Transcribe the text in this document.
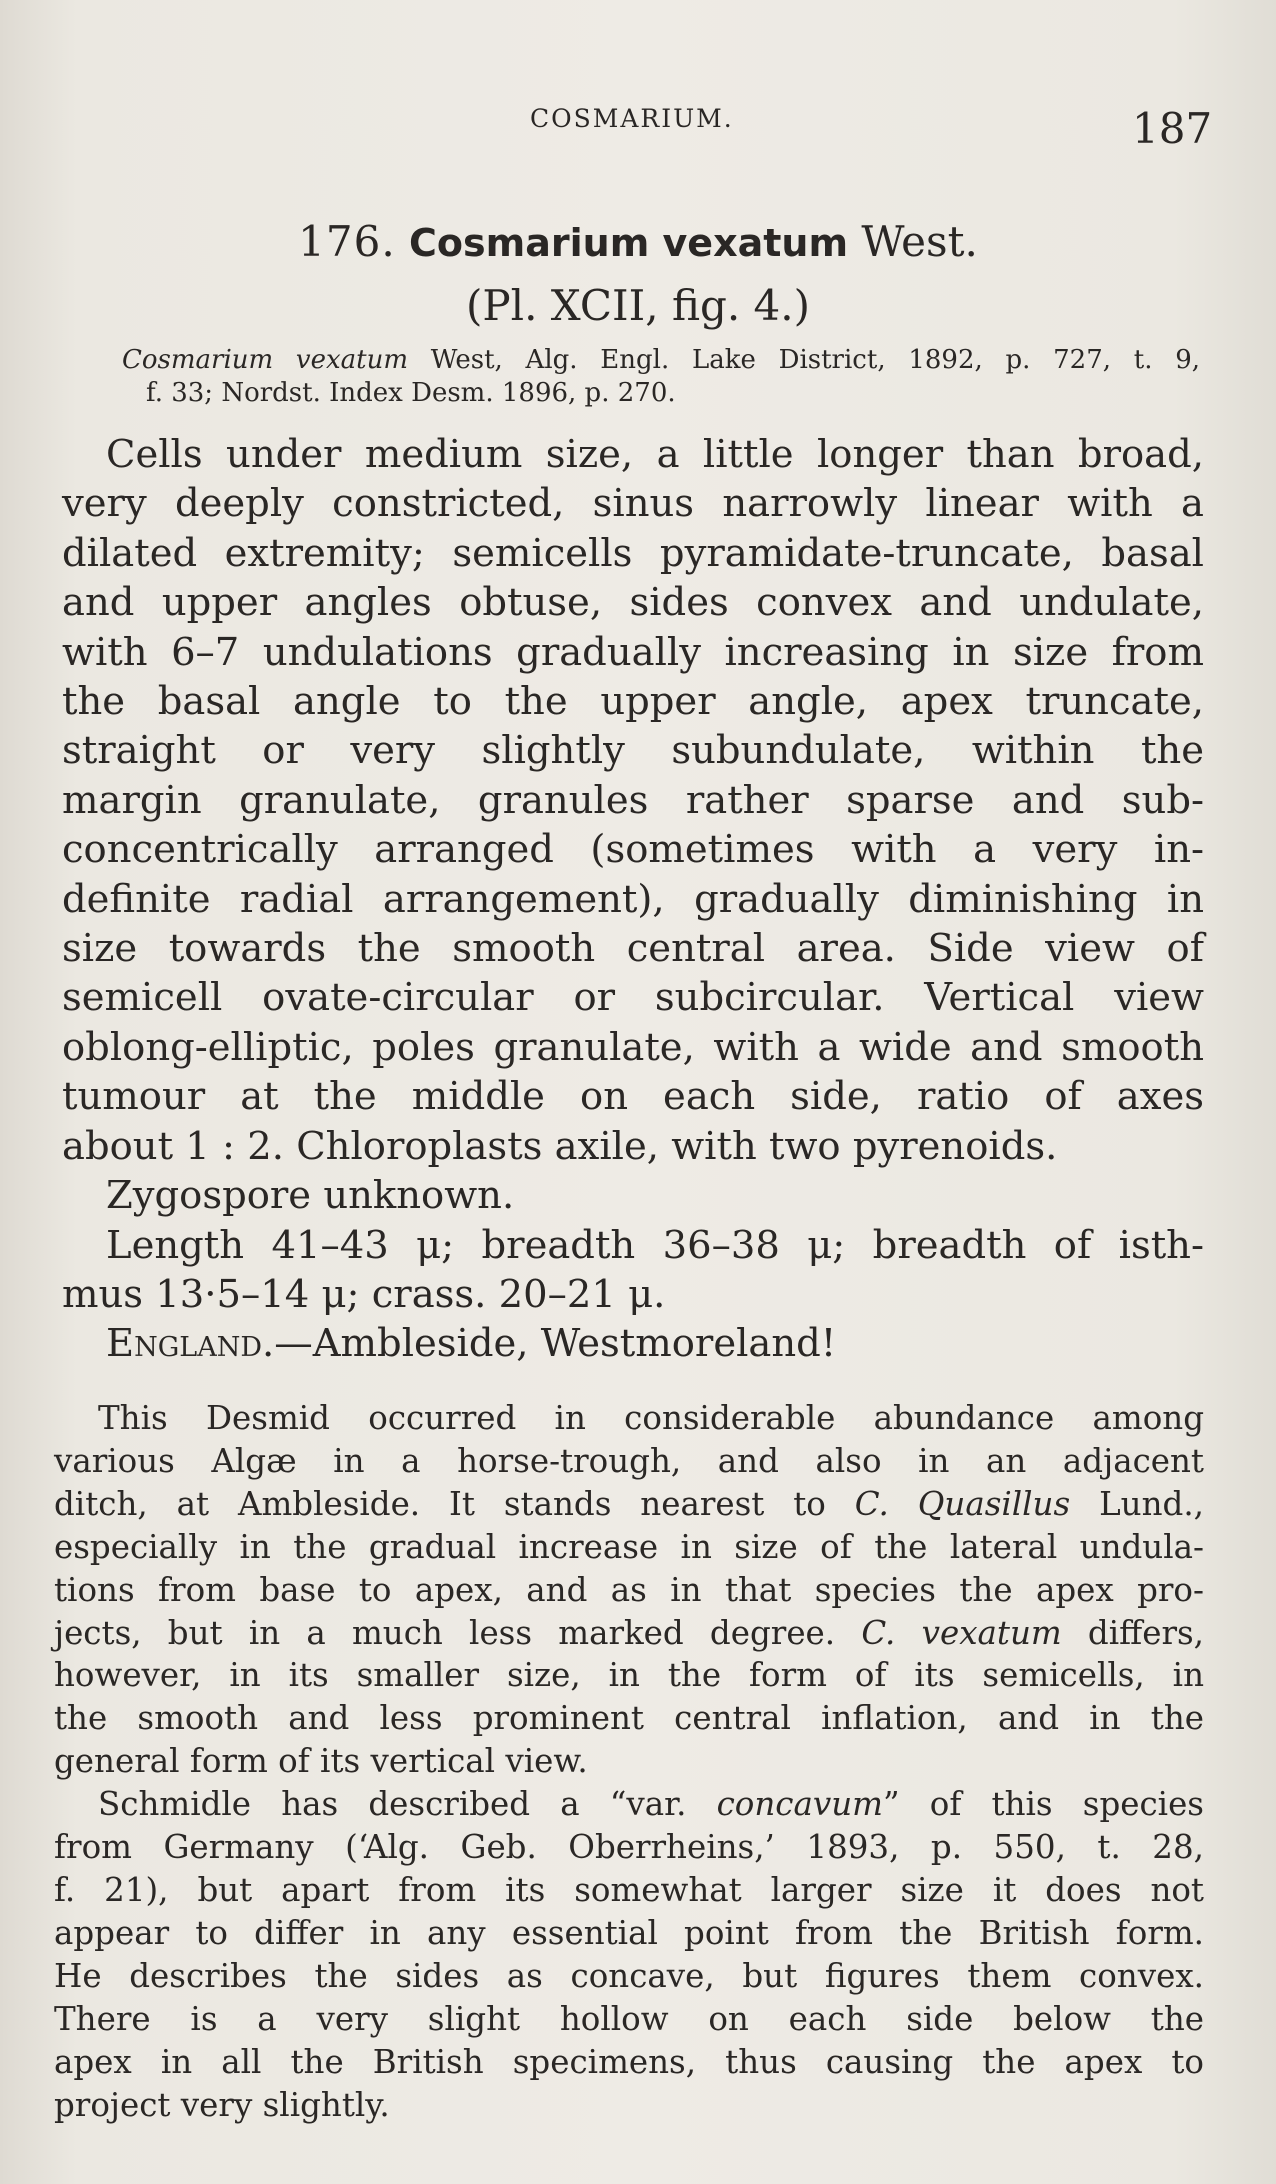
COSMARIUM.	187
176. Cosmarium vexatum West.
(Pl. XCII, fig. 4.)
Cosmarium vexatum West, Alg. Engl. Lake District, 1892, p. 727, t. 9,
f. 33; Nordst. Index Desm. 1896, p. 270.

Cells under medium size, a little longer than broad,

very deeply constricted, sinus narrowly linear with a

dilated extremity; semicells pyramidate-truncate, basal

and upper angles obtuse, sides convex and undulate,

with 6–7 undulations gradually increasing in size from

the basal angle to the upper angle, apex truncate,

straight or very slightly subundulate, within the

margin granulate, granules rather sparse and sub-

concentrically arranged (sometimes with a very in-

definite radial arrangement), gradually diminishing in

size towards the smooth central area. Side view of

semicell ovate-circular or subcircular. Vertical view

oblong-elliptic, poles granulate, with a wide and smooth

tumour at the middle on each side, ratio of axes

about 1 : 2. Chloroplasts axile, with two pyrenoids.

Zygospore unknown.

Length 41–43 μ; breadth 36–38 μ; breadth of isth-

mus 13·5–14 μ; crass. 20–21 μ.

England.—Ambleside, Westmoreland!

This Desmid occurred in considerable abundance among

various Algæ in a horse-trough, and also in an adjacent

ditch, at Ambleside. It stands nearest to C. Quasillus Lund.,

especially in the gradual increase in size of the lateral undula-

tions from base to apex, and as in that species the apex pro-

jects, but in a much less marked degree. C. vexatum differs,

however, in its smaller size, in the form of its semicells, in

the smooth and less prominent central inflation, and in the

general form of its vertical view.

Schmidle has described a “var. concavum” of this species

from Germany (‘Alg. Geb. Oberrheins,’ 1893, p. 550, t. 28,

f. 21), but apart from its somewhat larger size it does not

appear to differ in any essential point from the British form.

He describes the sides as concave, but figures them convex.

There is a very slight hollow on each side below the

apex in all the British specimens, thus causing the apex to

project very slightly.
